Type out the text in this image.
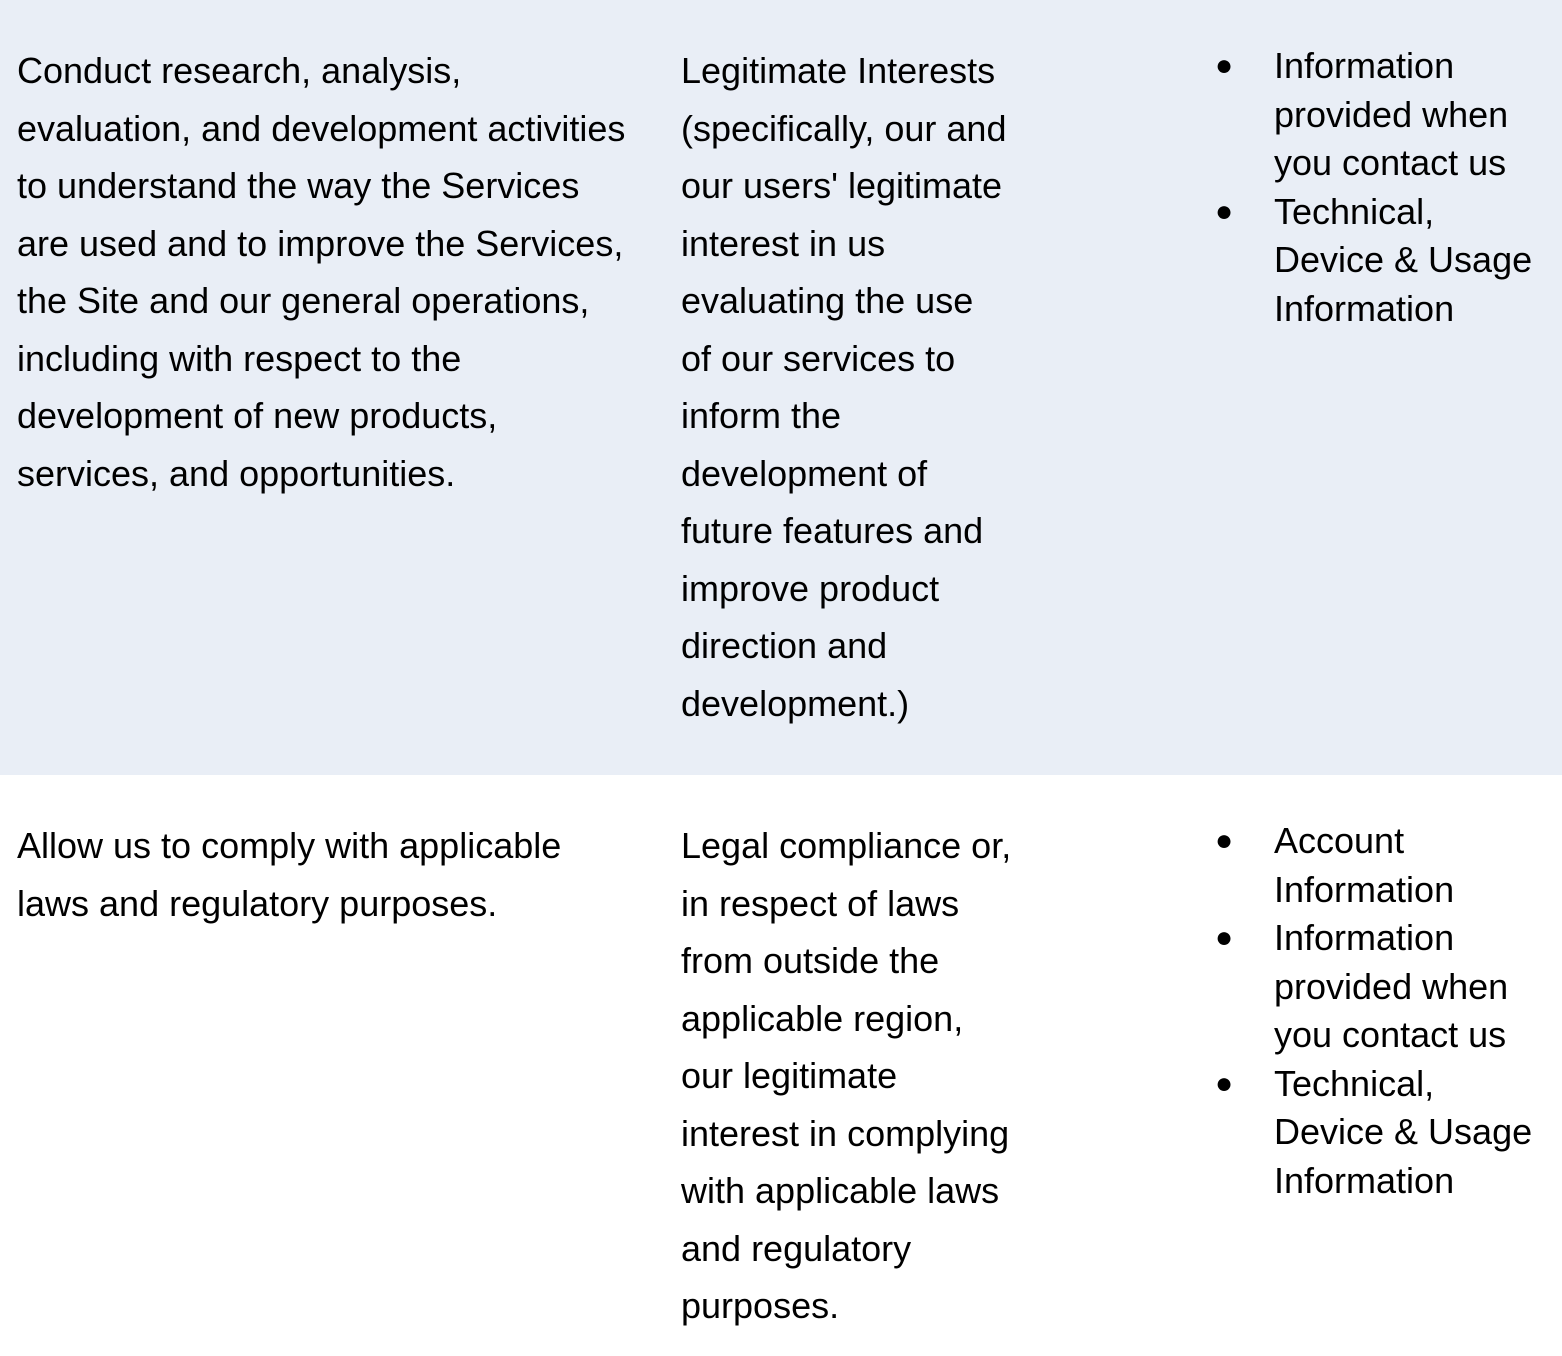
Conduct research, analysis,
evaluation, and development activities
to understand the way the Services
are used and to improve the Services,
the Site and our general operations,
including with respect to the
development of new products,
services, and opportunities.
Legitimate Interests
(specifically, our and
our users' legitimate
interest in us
evaluating the use
of our services to
inform the
development of
future features and
improve product
direction and
development.)
● Information
provided when
you contact us
● Technical,
Device & Usage
Information
Allow us to comply with applicable
laws and regulatory purposes.
Legal compliance or,
in respect of laws
from outside the
applicable region,
our legitimate
interest in complying
with applicable laws
and regulatory
purposes.
● Account
Information
● Information
provided when
you contact us
● Technical,
Device & Usage
Information
